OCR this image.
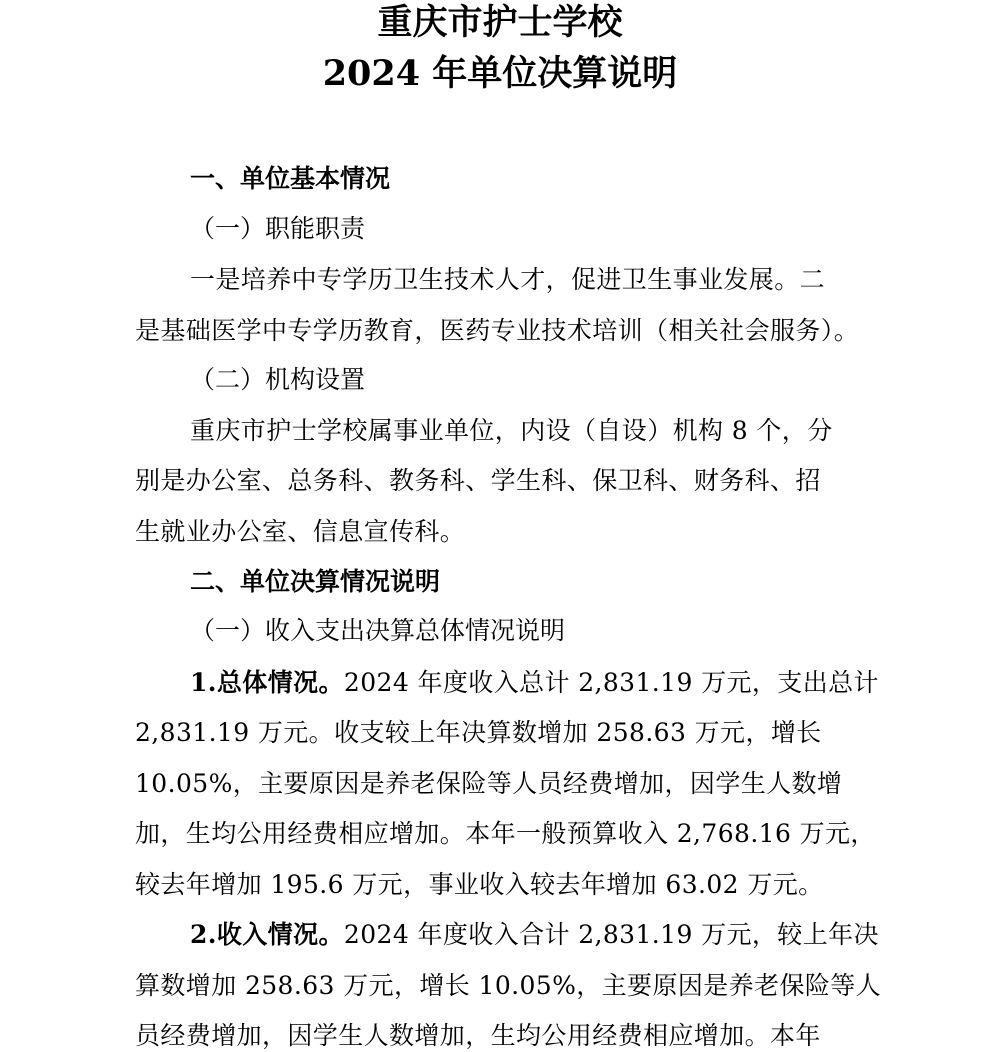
重庆市护士学校
2024 年单位决算说明
一、单位基本情况
（一）职能职责
一是培养中专学历卫生技术人才，促进卫生事业发展。二
是基础医学中专学历教育，医药专业技术培训（相关社会服务）。
（二）机构设置
重庆市护士学校属事业单位，内设（自设）机构 8 个，分
别是办公室、总务科、教务科、学生科、保卫科、财务科、招
生就业办公室、信息宣传科。
二、单位决算情况说明
（一）收入支出决算总体情况说明
1.总体情况。2024 年度收入总计 2,831.19 万元，支出总计
2,831.19 万元。收支较上年决算数增加 258.63 万元，增长
10.05%，主要原因是养老保险等人员经费增加，因学生人数增
加，生均公用经费相应增加。本年一般预算收入 2,768.16 万元，
较去年增加 195.6 万元，事业收入较去年增加 63.02 万元。
2.收入情况。2024 年度收入合计 2,831.19 万元，较上年决
算数增加 258.63 万元，增长 10.05%，主要原因是养老保险等人
员经费增加，因学生人数增加，生均公用经费相应增加。本年
